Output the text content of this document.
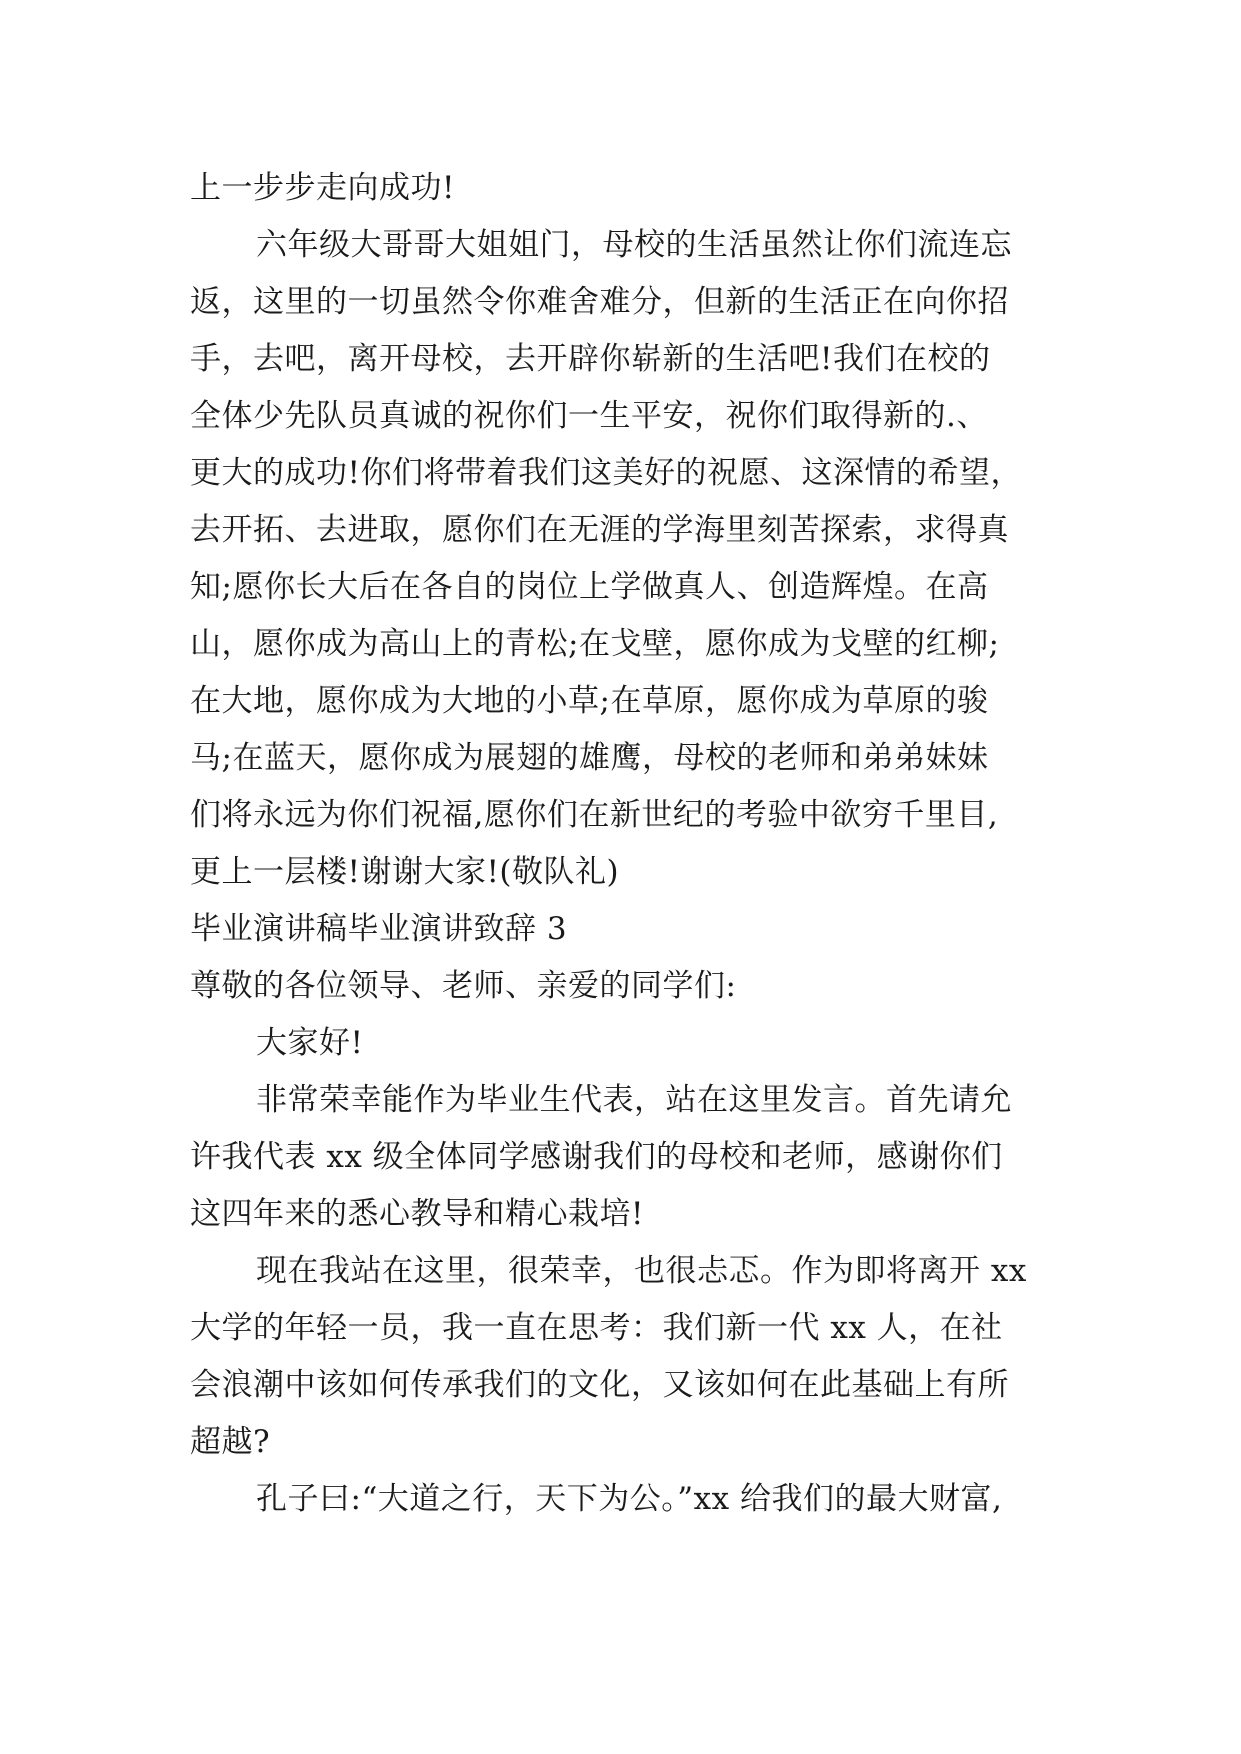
上一步步走向成功!
六年级大哥哥大姐姐门，母校的生活虽然让你们流连忘
返，这里的一切虽然令你难舍难分，但新的生活正在向你招
手，去吧，离开母校，去开辟你崭新的生活吧!我们在校的
全体少先队员真诚的祝你们一生平安，祝你们取得新的.、
更大的成功!你们将带着我们这美好的祝愿、这深情的希望，
去开拓、去进取，愿你们在无涯的学海里刻苦探索，求得真
知;愿你长大后在各自的岗位上学做真人、创造辉煌。在高
山，愿你成为高山上的青松;在戈壁，愿你成为戈壁的红柳;
在大地，愿你成为大地的小草;在草原，愿你成为草原的骏
马;在蓝天，愿你成为展翅的雄鹰，母校的老师和弟弟妹妹
们将永远为你们祝福,愿你们在新世纪的考验中欲穷千里目,
更上一层楼!谢谢大家!(敬队礼)
毕业演讲稿毕业演讲致辞 3
尊敬的各位领导、老师、亲爱的同学们:
大家好!
非常荣幸能作为毕业生代表，站在这里发言。首先请允
许我代表 xx 级全体同学感谢我们的母校和老师，感谢你们
这四年来的悉心教导和精心栽培!
现在我站在这里，很荣幸，也很忐忑。作为即将离开 xx
大学的年轻一员，我一直在思考：我们新一代 xx 人，在社
会浪潮中该如何传承我们的文化，又该如何在此基础上有所
超越?
孔子曰:“大道之行，天下为公。”xx 给我们的最大财富,
